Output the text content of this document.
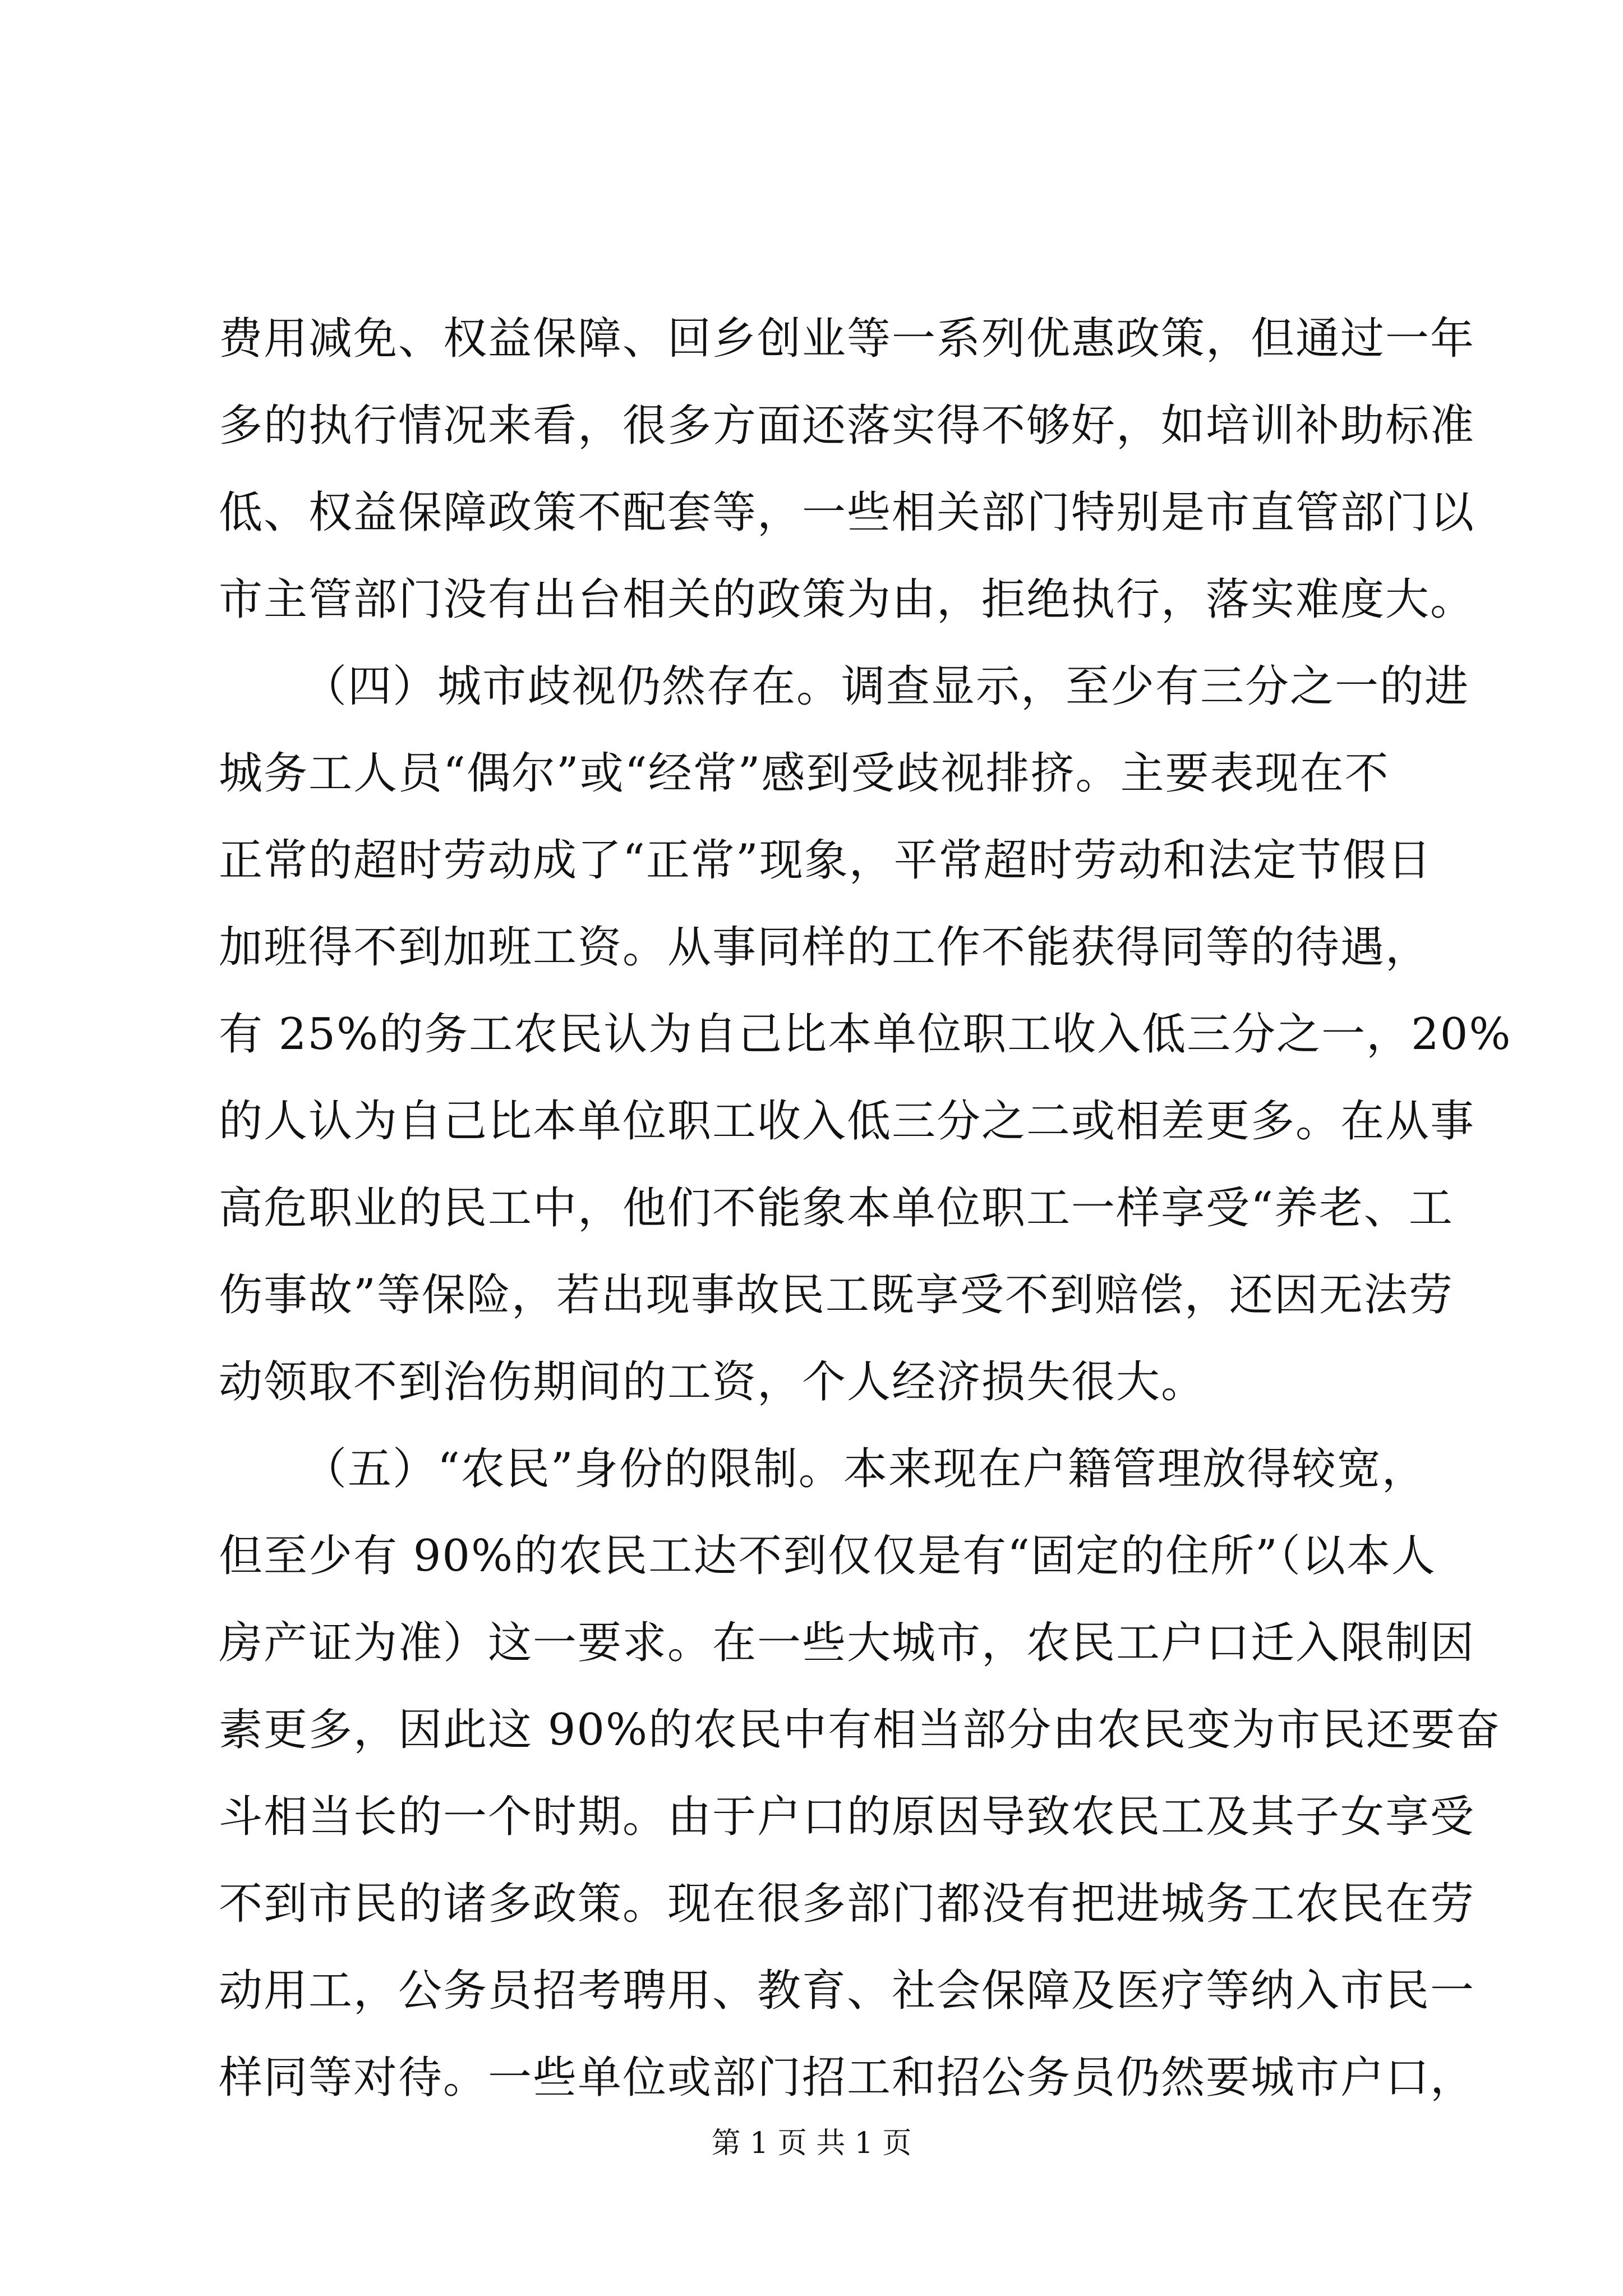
费用减免、权益保障、回乡创业等一系列优惠政策，但通过一年
多的执行情况来看，很多方面还落实得不够好，如培训补助标准
低、权益保障政策不配套等，一些相关部门特别是市直管部门以
市主管部门没有出台相关的政策为由，拒绝执行，落实难度大。
（四）城市歧视仍然存在。调查显示，至少有三分之一的进
城务工人员“偶尔”或“经常”感到受歧视排挤。主要表现在不
正常的超时劳动成了“正常”现象，平常超时劳动和法定节假日
加班得不到加班工资。从事同样的工作不能获得同等的待遇，
有 25%的务工农民认为自己比本单位职工收入低三分之一，20%
的人认为自己比本单位职工收入低三分之二或相差更多。在从事
高危职业的民工中，他们不能象本单位职工一样享受“养老、工
伤事故”等保险，若出现事故民工既享受不到赔偿，还因无法劳
动领取不到治伤期间的工资，个人经济损失很大。
（五）“农民”身份的限制。本来现在户籍管理放得较宽，
但至少有 90%的农民工达不到仅仅是有“固定的住所”（以本人
房产证为准）这一要求。在一些大城市，农民工户口迁入限制因
素更多，因此这 90%的农民中有相当部分由农民变为市民还要奋
斗相当长的一个时期。由于户口的原因导致农民工及其子女享受
不到市民的诸多政策。现在很多部门都没有把进城务工农民在劳
动用工，公务员招考聘用、教育、社会保障及医疗等纳入市民一
样同等对待。一些单位或部门招工和招公务员仍然要城市户口，
第 1 页 共 1 页
